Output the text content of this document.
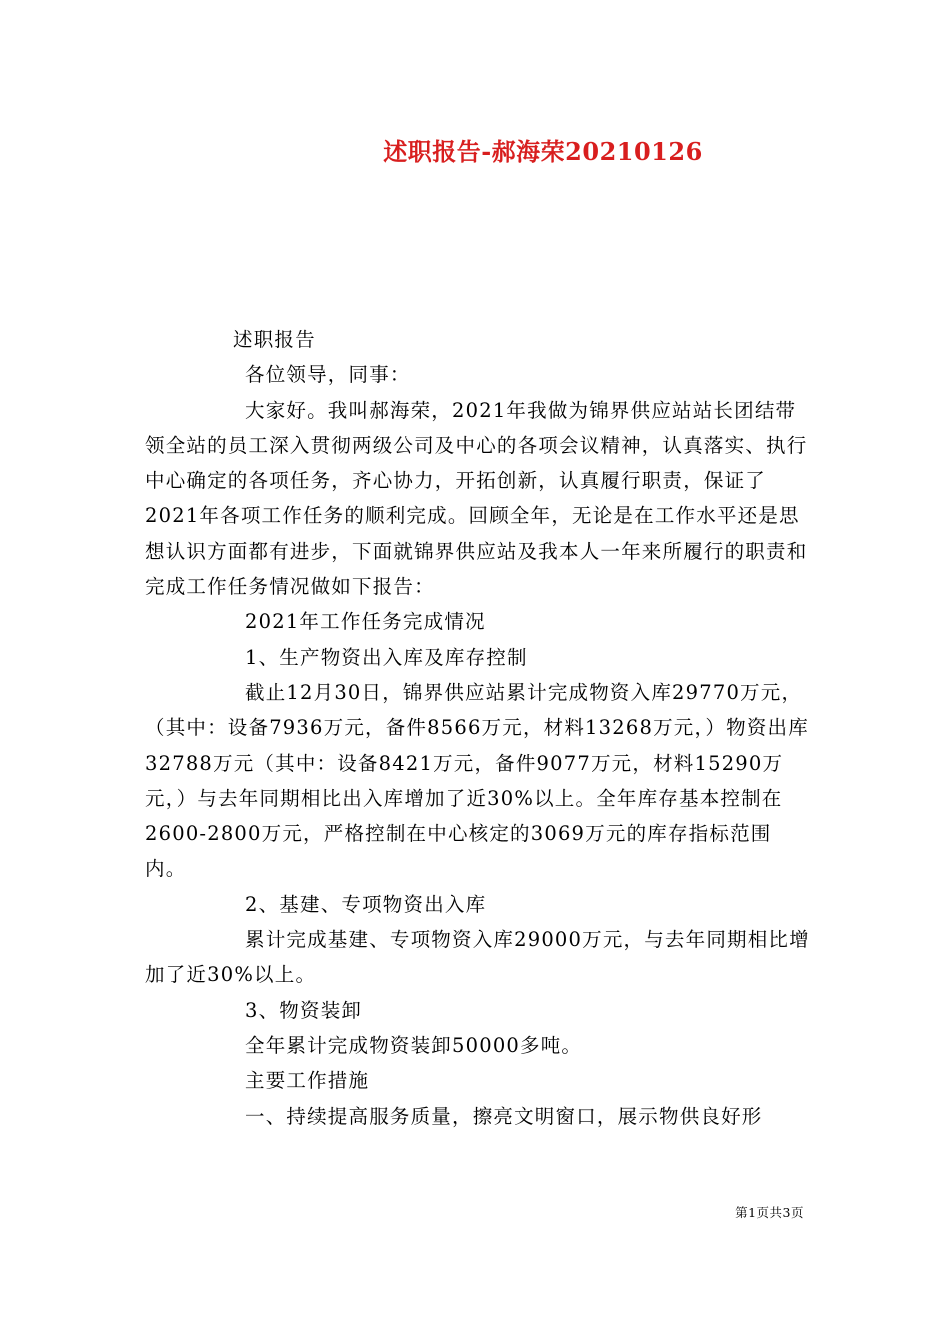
述职报告-郝海荣20210126

述职报告

各位领导，同事：

大家好。我叫郝海荣，2021年我做为锦界供应站站长团结带领全站的员工深入贯彻两级公司及中心的各项会议精神，认真落实、执行中心确定的各项任务，齐心协力，开拓创新，认真履行职责，保证了2021年各项工作任务的顺利完成。回顾全年，无论是在工作水平还是思想认识方面都有进步，下面就锦界供应站及我本人一年来所履行的职责和完成工作任务情况做如下报告：

2021年工作任务完成情况

1、生产物资出入库及库存控制

截止12月30日，锦界供应站累计完成物资入库29770万元，（其中：设备7936万元，备件8566万元，材料13268万元，）物资出库32788万元（其中：设备8421万元，备件9077万元，材料15290万元，）与去年同期相比出入库增加了近30%以上。全年库存基本控制在2600-2800万元，严格控制在中心核定的3069万元的库存指标范围内。

2、基建、专项物资出入库

累计完成基建、专项物资入库29000万元，与去年同期相比增加了近30%以上。

3、物资装卸

全年累计完成物资装卸50000多吨。

主要工作措施

一、持续提高服务质量，擦亮文明窗口，展示物供良好形

第1页共3页
